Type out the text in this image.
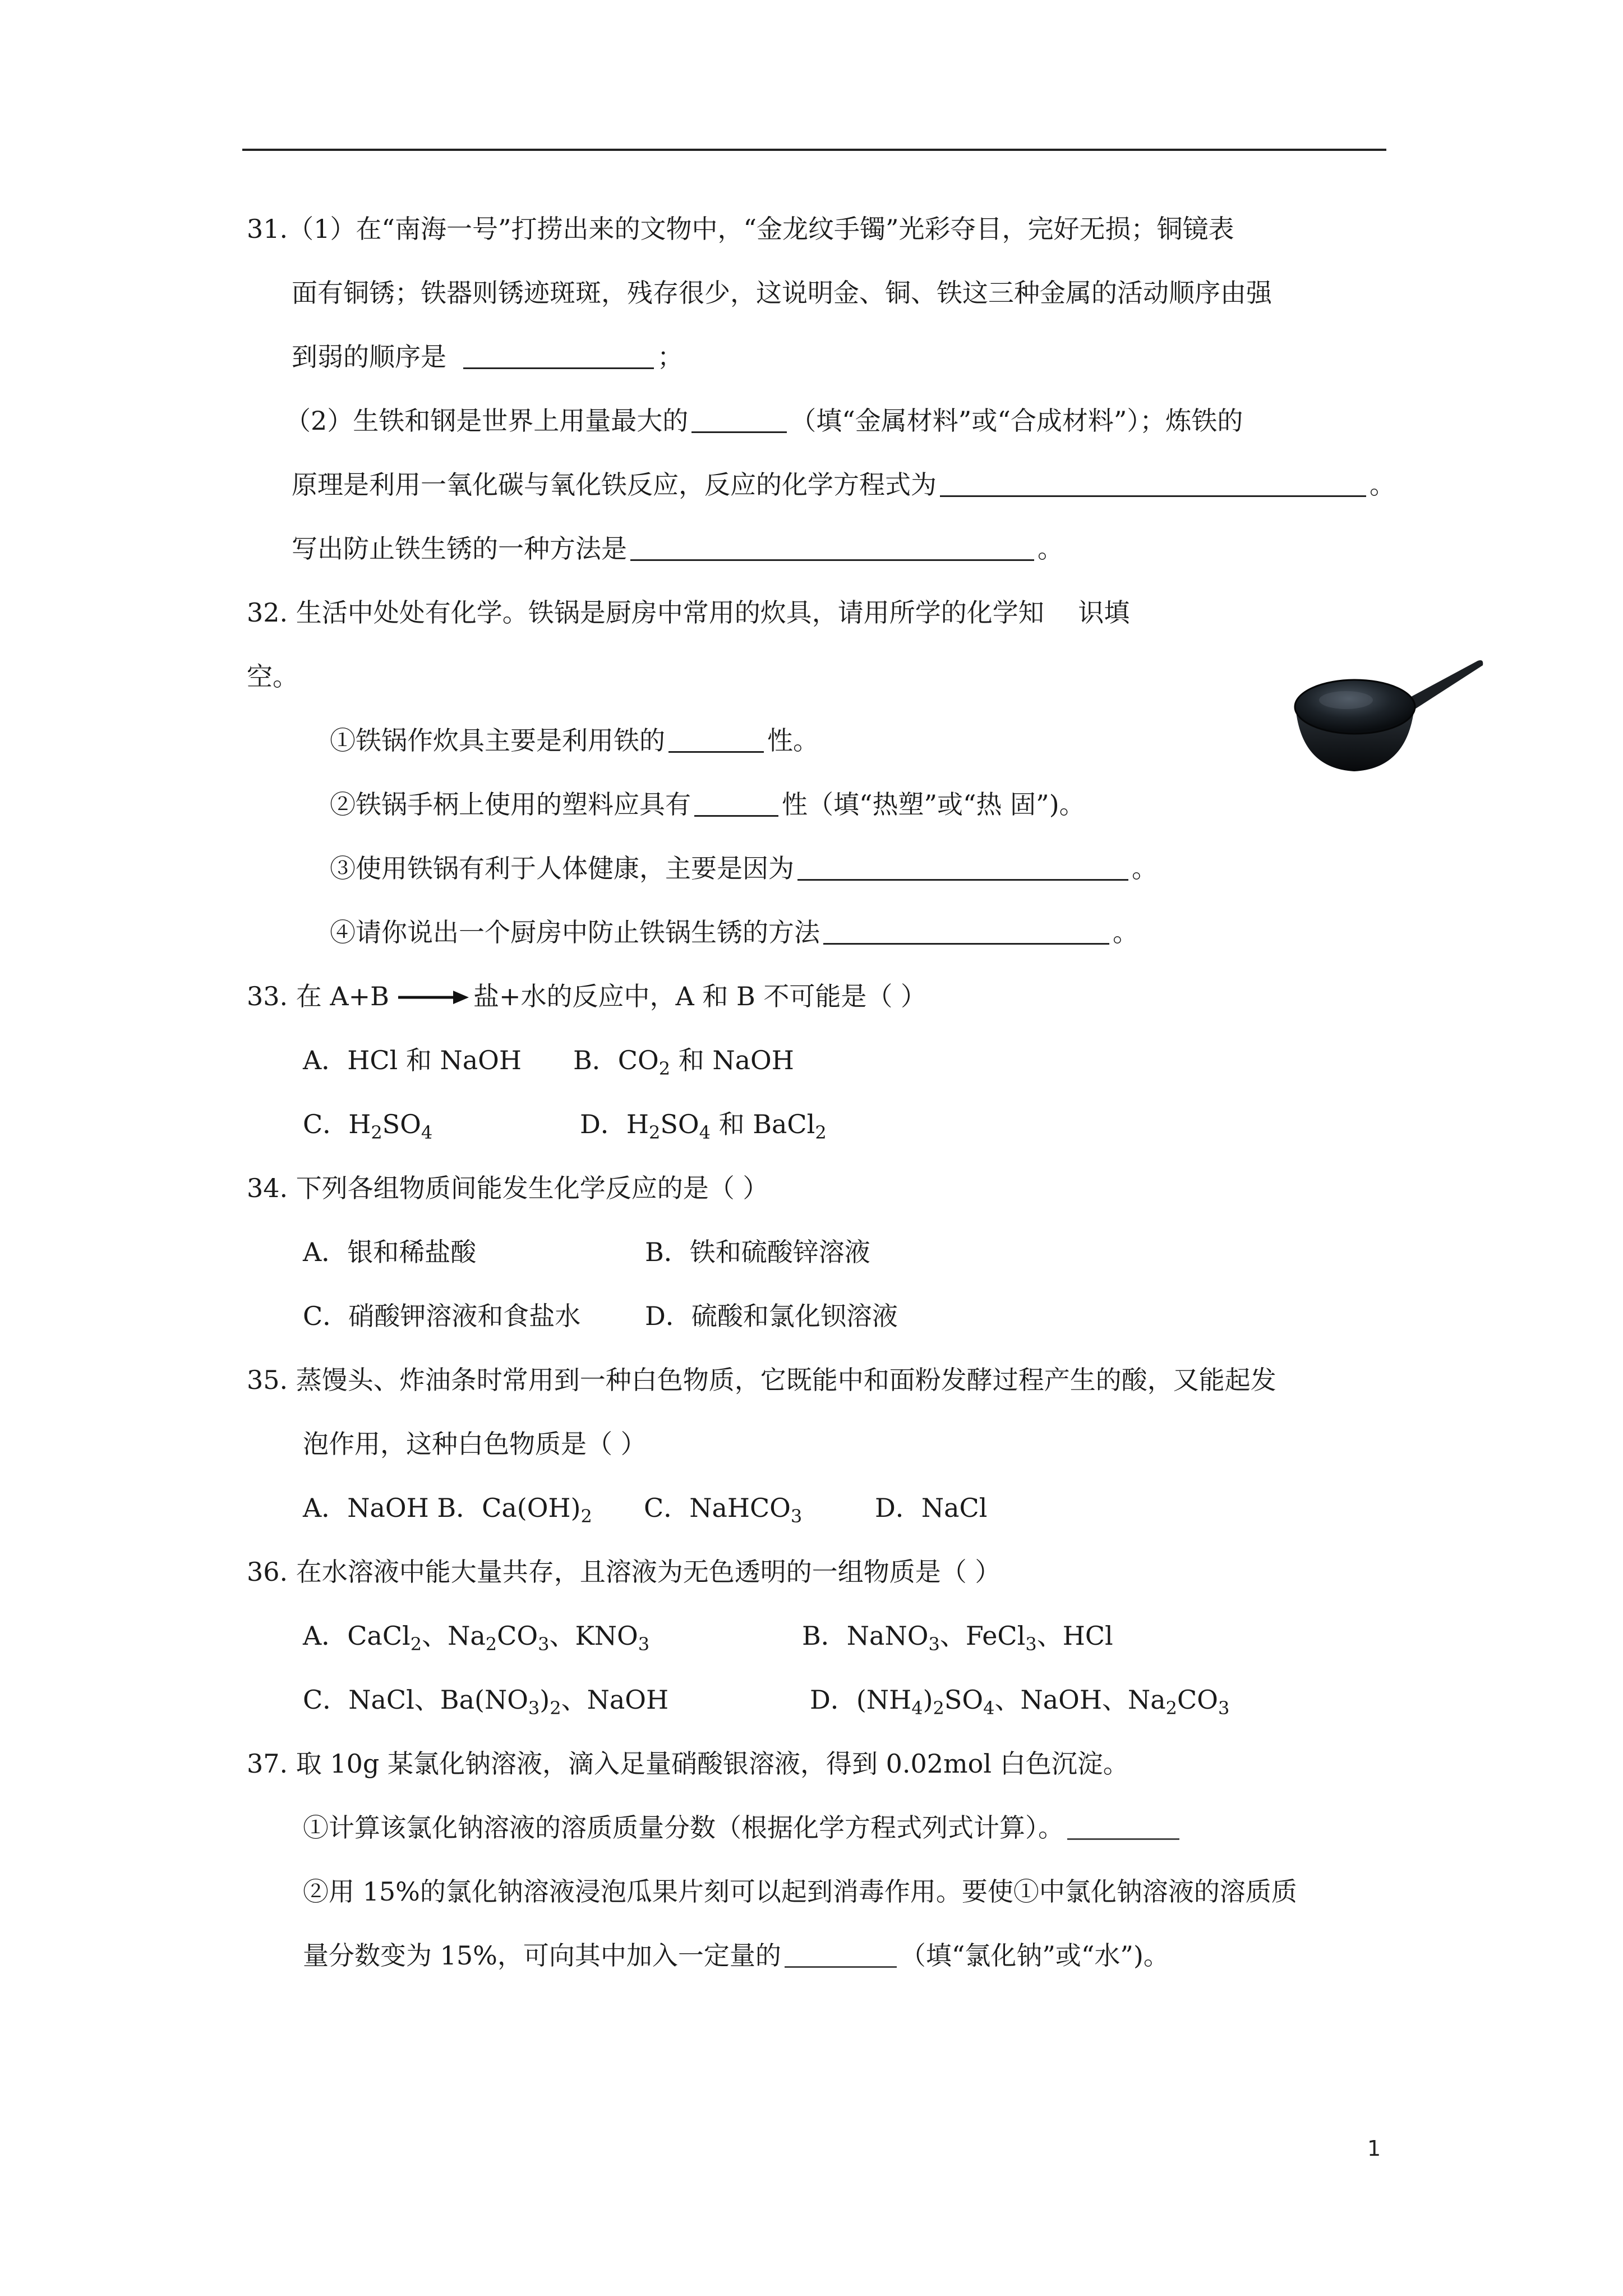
31.（1）在“南海一号”打捞出来的文物中，“金龙纹手镯”光彩夺目，完好无损；铜镜表
面有铜锈；铁器则锈迹斑斑，残存很少，这说明金、铜、铁这三种金属的活动顺序由强
到弱的顺序是	；
（2）生铁和钢是世界上用量最大的	（填“金属材料”或“合成材料”）；炼铁的
原理是利用一氧化碳与氧化铁反应，反应的化学方程式为	。
写出防止铁生锈的一种方法是	。
32. 生活中处处有化学。铁锅是厨房中常用的炊具，请用所学的化学知　 识填
空。
①铁锅作炊具主要是利用铁的	性。
②铁锅手柄上使用的塑料应具有	性（填“热塑”或“热 固”)。
③使用铁锅有利于人体健康，主要是因为	。
④请你说出一个厨房中防止铁锅生锈的方法	。
33. 在 A+B → 盐+水的反应中，A 和 B 不可能是（ ）
A．HCl 和 NaOH B．$CO_2$ 和 NaOH
C．$H_2SO_4$	D．$H_2SO_4$ 和 BaCl$_2$
34. 下列各组物质间能发生化学反应的是（ ）
A．银和稀盐酸	B．铁和硫酸锌溶液
C．硝酸钾溶液和食盐水 D．硫酸和氯化钡溶液
35. 蒸馒头、炸油条时常用到一种白色物质，它既能中和面粉发酵过程产生的酸，又能起发
泡作用，这种白色物质是（ ）
A．NaOH B．$Ca(OH)_2$ C．NaHCO$_3$	D．NaCl
36. 在水溶液中能大量共存，且溶液为无色透明的一组物质是（ ）
A．CaCl$_2$、$Na_2CO_3$、$KNO_3$	B．NaNO$_3$、FeCl$_3$、HCl
C．NaCl、$Ba(NO_3)_2$、NaOH	D．$(NH_4)_2SO_4$、NaOH、$Na_2CO_3$
37. 取 10g 某氯化钠溶液，滴入足量硝酸银溶液，得到 0.02mol 白色沉淀。
①计算该氯化钠溶液的溶质质量分数（根据化学方程式列式计算）。
②用 15%的氯化钠溶液浸泡瓜果片刻可以起到消毒作用。要使①中氯化钠溶液的溶质质
量分数变为 15%，可向其中加入一定量的	（填“氯化钠”或“水”)。
1
